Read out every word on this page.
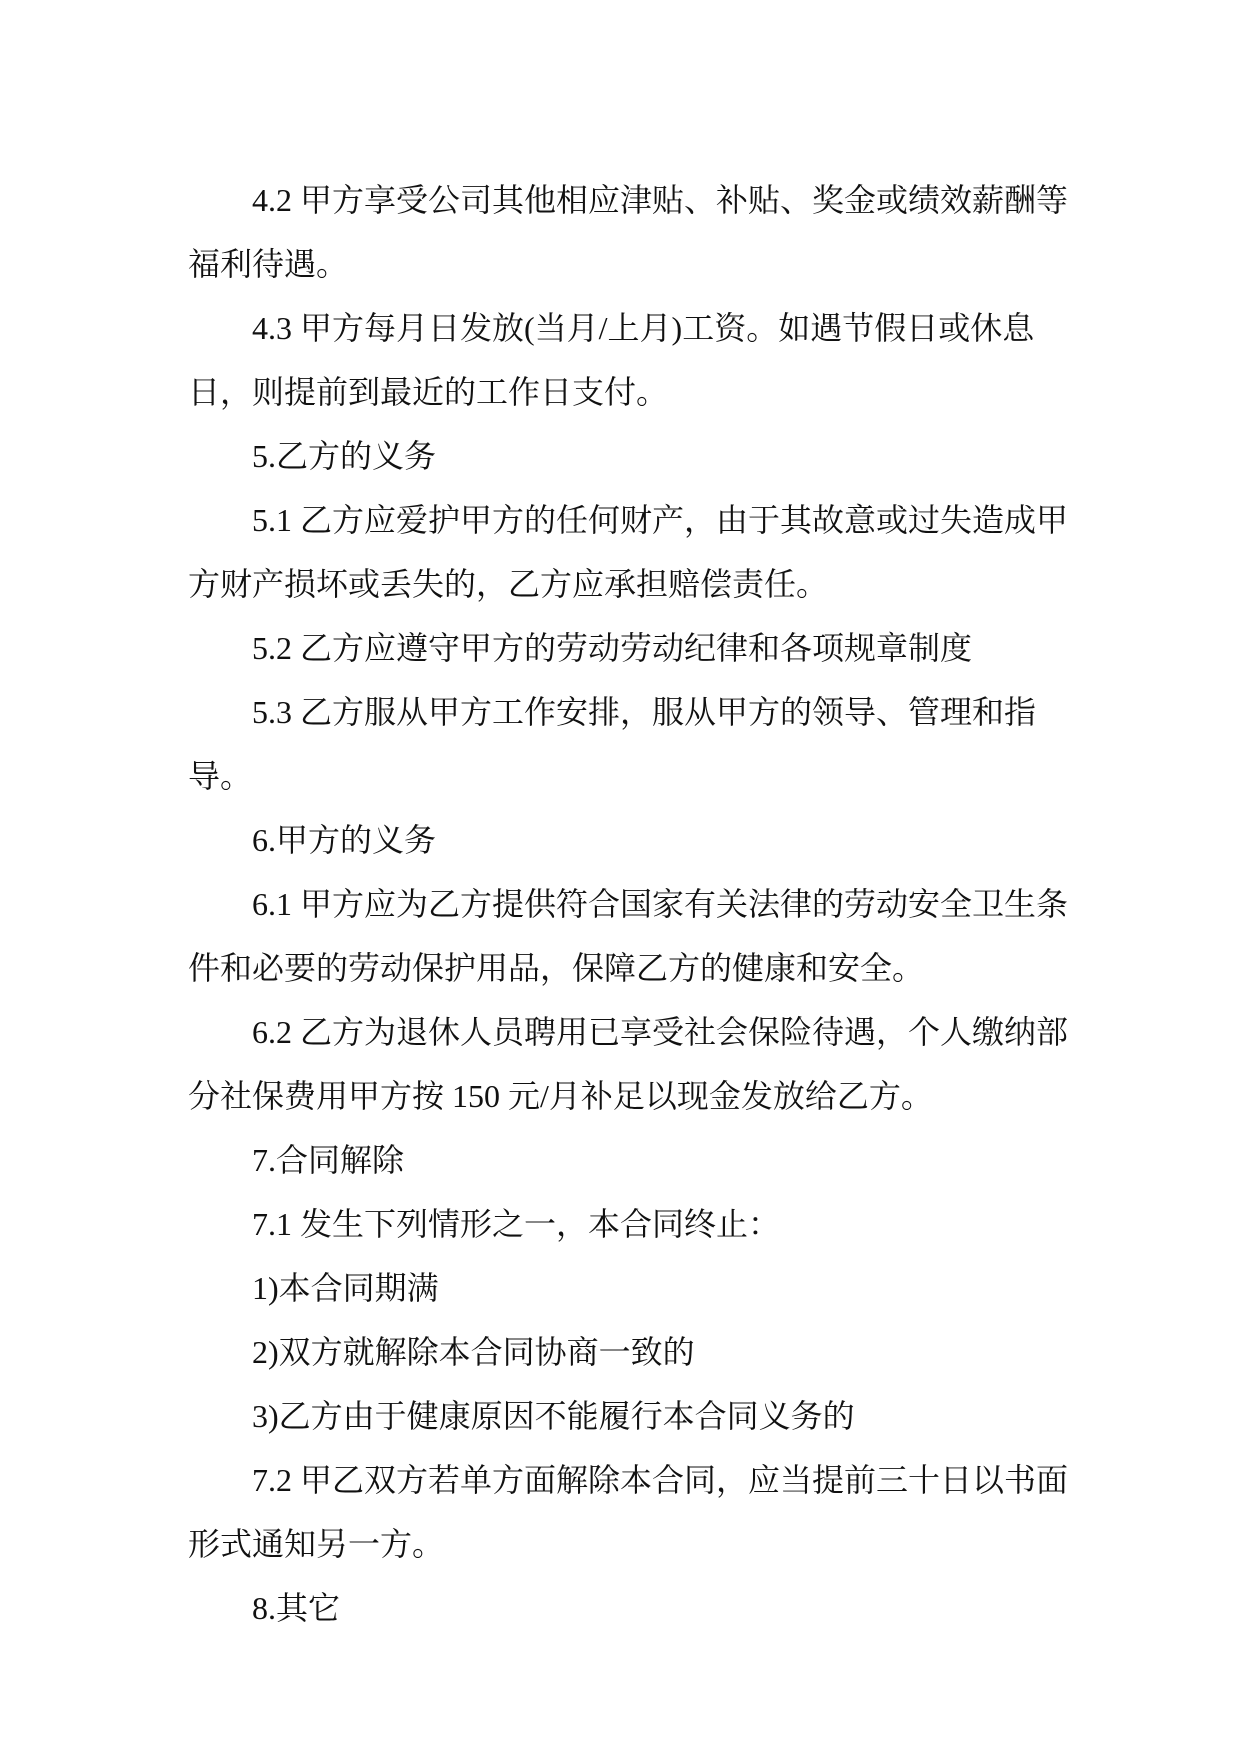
4.2 甲方享受公司其他相应津贴、补贴、奖金或绩效薪酬等福利待遇。

4.3 甲方每月日发放(当月/上月)工资。如遇节假日或休息日，则提前到最近的工作日支付。

5.乙方的义务

5.1 乙方应爱护甲方的任何财产，由于其故意或过失造成甲方财产损坏或丢失的，乙方应承担赔偿责任。

5.2 乙方应遵守甲方的劳动劳动纪律和各项规章制度

5.3 乙方服从甲方工作安排，服从甲方的领导、管理和指导。

6.甲方的义务

6.1 甲方应为乙方提供符合国家有关法律的劳动安全卫生条件和必要的劳动保护用品，保障乙方的健康和安全。

6.2 乙方为退休人员聘用已享受社会保险待遇，个人缴纳部分社保费用甲方按 150 元/月补足以现金发放给乙方。

7.合同解除

7.1 发生下列情形之一，本合同终止：

1)本合同期满

2)双方就解除本合同协商一致的

3)乙方由于健康原因不能履行本合同义务的

7.2 甲乙双方若单方面解除本合同，应当提前三十日以书面形式通知另一方。

8.其它
